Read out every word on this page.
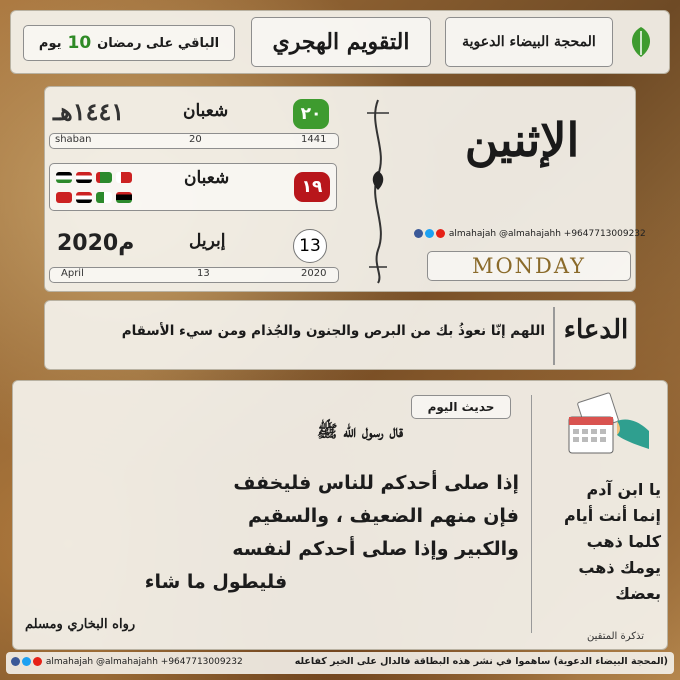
يوم 10 الباقي على رمضان التقويم الهجري	المحجة البيضاء الدعوية
١٤٤١هـ	شعبان	٢٠
shaban	20	1441
شعبان	١٩
2020م	إبريل	13
April	13	2020
الإثنين
almahajah @almahajahh +9647713009232
MONDAY
اللهم إنّا نعوذُ بك من البرص والجنون والجُذام ومن سيء الأسقام الدعاء
حديث اليوم
قال رسول الله ﷺ
إذا صلى أحدكم للناس فليخفف
فإن منهم الضعيف ، والسقيم
والكبير وإذا صلى أحدكم لنفسه
فليطول ما شاء
رواه البخاري ومسلم
يا ابن آدم
إنما أنت أيام
كلما ذهب
يومك ذهب
بعضك
تذكرة المتقين
almahajah @almahajahh +9647713009232	(المحجة البيضاء الدعوية) ساهموا في نشر هذه البطاقة فالدال على الخير كفاعله
